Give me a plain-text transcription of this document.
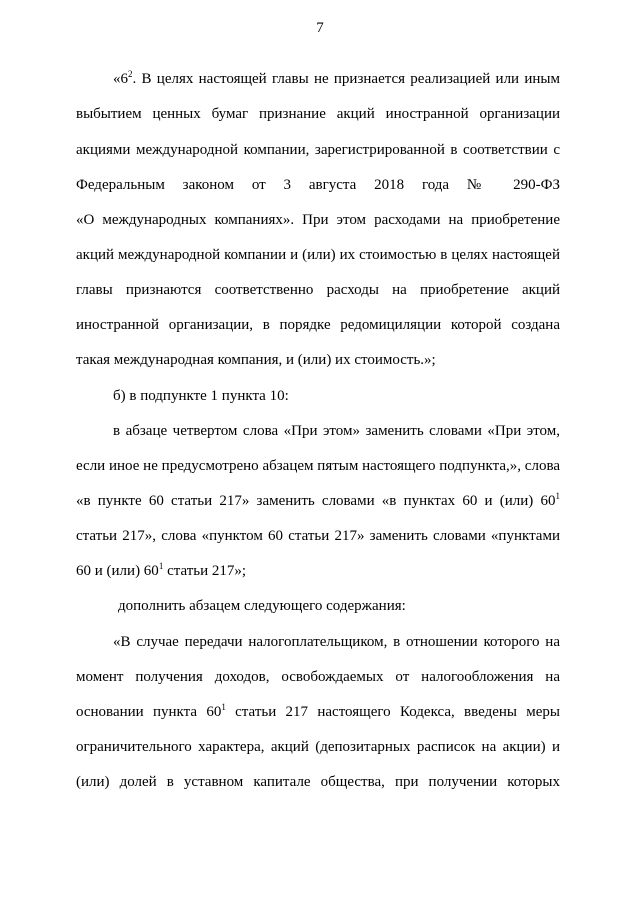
7
«$6^2$. В целях настоящей главы не признается реализацией или иным
выбытием ценных бумаг признание акций иностранной организации
акциями международной компании, зарегистрированной в соответствии с
Федеральным законом от 3 августа 2018 года № 290-ФЗ
«О международных компаниях». При этом расходами на приобретение
акций международной компании и (или) их стоимостью в целях настоящей
главы признаются соответственно расходы на приобретение акций
иностранной организации, в порядке редомициляции которой создана
такая международная компания, и (или) их стоимость.»;
б) в подпункте 1 пункта 10:
в абзаце четвертом слова «При этом» заменить словами «При этом,
если иное не предусмотрено абзацем пятым настоящего подпункта,», слова
«в пункте 60 статьи 217» заменить словами «в пунктах 60 и (или) $60^1$
статьи 217», слова «пунктом 60 статьи 217» заменить словами «пунктами
60 и (или) $60^1$ статьи 217»;
дополнить абзацем следующего содержания:
«В случае передачи налогоплательщиком, в отношении которого на
момент получения доходов, освобождаемых от налогообложения на
основании пункта $60^1$ статьи 217 настоящего Кодекса, введены меры
ограничительного характера, акций (депозитарных расписок на акции) и
(или) долей в уставном капитале общества, при получении которых
